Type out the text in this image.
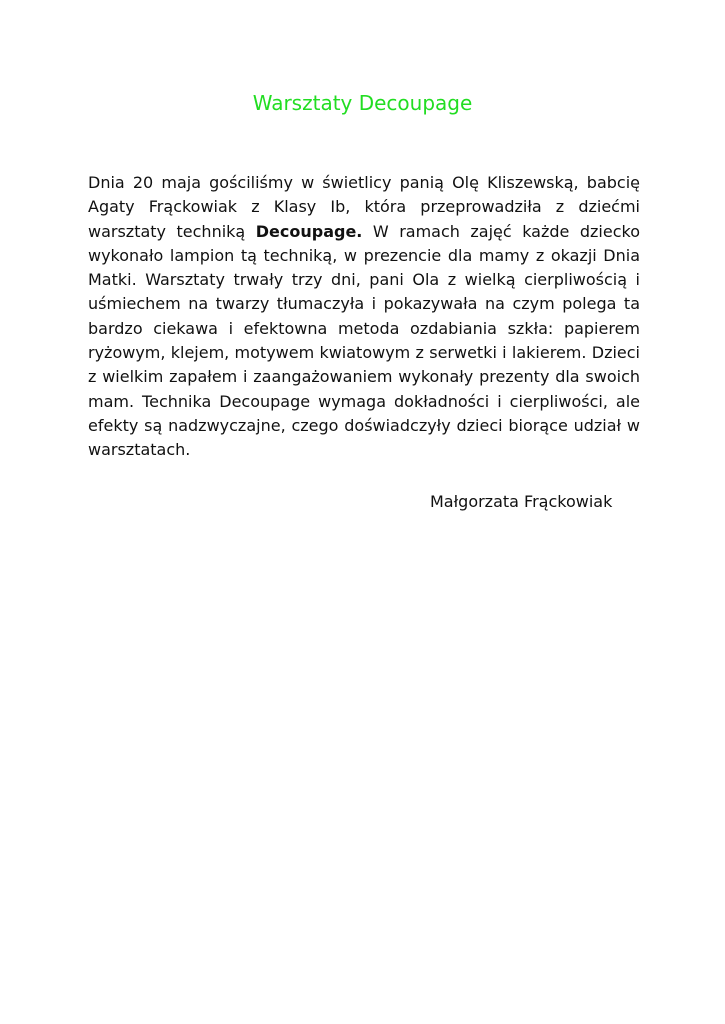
Warsztaty Decoupage

Dnia 20 maja gościliśmy w świetlicy panią Olę Kliszewską, babcię Agaty Frąckowiak z Klasy Ib, która przeprowadziła z dziećmi warsztaty techniką Decoupage. W ramach zajęć każde dziecko wykonało lampion tą techniką, w prezencie dla mamy z okazji Dnia Matki. Warsztaty trwały trzy dni, pani Ola z wielką cierpliwością i uśmiechem na twarzy tłumaczyła i pokazywała na czym polega ta bardzo ciekawa i efektowna metoda ozdabiania szkła: papierem ryżowym, klejem, motywem kwiatowym z serwetki i lakierem. Dzieci z wielkim zapałem i zaangażowaniem wykonały prezenty dla swoich mam. Technika Decoupage wymaga dokładności i cierpliwości, ale efekty są nadzwyczajne, czego doświadczyły dzieci biorące udział w warsztatach.

Małgorzata Frąckowiak
